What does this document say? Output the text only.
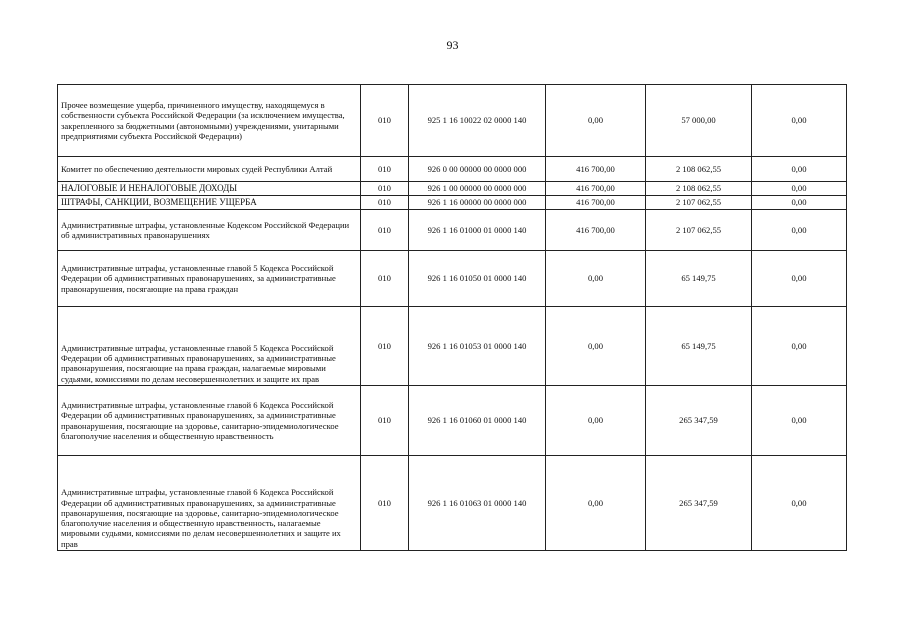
93
Прочее возмещение ущерба, причиненного имуществу, находящемуся в собственности субъекта Российской Федерации (за исключением имущества, закрепленного за бюджетными (автономными) учреждениями, унитарными предприятиями субъекта Российской Федерации)	010	925 1 16 10022 02 0000 140	0,00	57 000,00	0,00
Комитет по обеспечению деятельности мировых судей Республики Алтай	010	926 0 00 00000 00 0000 000	416 700,00	2 108 062,55	0,00
НАЛОГОВЫЕ И НЕНАЛОГОВЫЕ ДОХОДЫ	010	926 1 00 00000 00 0000 000	416 700,00	2 108 062,55	0,00
ШТРАФЫ, САНКЦИИ, ВОЗМЕЩЕНИЕ УЩЕРБА	010	926 1 16 00000 00 0000 000	416 700,00	2 107 062,55	0,00
Административные штрафы, установленные Кодексом Российской Федерации об административных правонарушениях	010	926 1 16 01000 01 0000 140	416 700,00	2 107 062,55	0,00
Административные штрафы, установленные главой 5 Кодекса Российской Федерации об административных правонарушениях, за административные правонарушения, посягающие на права граждан	010	926 1 16 01050 01 0000 140	0,00	65 149,75	0,00
Административные штрафы, установленные главой 5 Кодекса Российской Федерации об административных правонарушениях, за административные правонарушения, посягающие на права граждан, налагаемые мировыми судьями, комиссиями по делам несовершеннолетних и защите их прав	010	926 1 16 01053 01 0000 140	0,00	65 149,75	0,00
Административные штрафы, установленные главой 6 Кодекса Российской Федерации об административных правонарушениях, за административные правонарушения, посягающие на здоровье, санитарно-эпидемиологическое благополучие населения и общественную нравственность	010	926 1 16 01060 01 0000 140	0,00	265 347,59	0,00
Административные штрафы, установленные главой 6 Кодекса Российской Федерации об административных правонарушениях, за административные правонарушения, посягающие на здоровье, санитарно-эпидемиологическое благополучие населения и общественную нравственность, налагаемые мировыми судьями, комиссиями по делам несовершеннолетних и защите их прав	010	926 1 16 01063 01 0000 140	0,00	265 347,59	0,00
